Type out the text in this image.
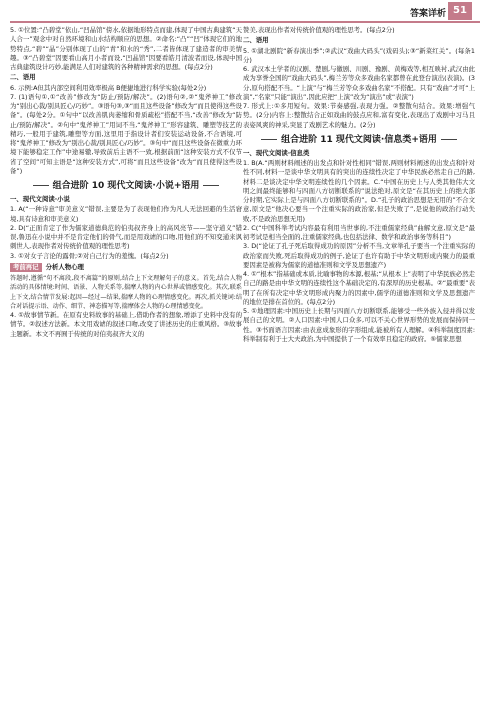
答案详析 51

5. ①位置:“凸碧堂”依山,“凹晶馆”傍水,依据地形特点而建,体现了中国古典建筑“天人合一”观念中对自然环境和山水结构顺应的思想。②命名:“凸”“凹”体现它们的地势特点,“碧”“晶”分别体现了山的“青”和水的“秀”,二者皆体现了建造者的审美情趣。③“凸碧堂”因要看山高月小者而设,“凹晶馆”因要看皓月清波者而设,体现中国古典建筑设计巧妙,能满足人们对建筑的各种精神需求的思想。(每点2分)

二、语用

6. 示例:A但其内部空间利用效率极高 B便捷地进行科学实验(每处2分)

7. (1)语句①,①“改善”修改为“防止/预防/解决”。(2)语句②,②“鬼斧神工”修改为“别出心裁/别具匠心/巧妙”。③语句③,③“而且这些设备”修改为“而且使得这些设备”。(每处2分。①句中“以改善肌肉萎缩和骨质疏松”搭配不当,“改善”修改为“防止/预防/解决”。②句中“鬼斧神工”用词不当,“鬼斧神工”形容建筑、雕塑等技艺的精巧,一般用于建筑,雕塑等方面,这里用于指设计者们安装运动设备,不合语境,可将“鬼斧神工”修改为“别出心裁/别具匠心/巧妙”。③句中“而且这些设备在微重力环境下能够稳定工作”中途易辙,导致前后主语不一致,根据前面“这种安装方式不仅节省了空间”可知主语是“这种安装方式”,可将“而且这些设备”改为“而且使得这些设备”)

组合进阶 10 现代文阅读·小说+语用

一、现代文阅读·小说

1. A(“一种诗意”审美意义”错误,主要是为了表现他们作为凡人无法回避的生活窘境,具有诗意和审美意义)

2. D(“正面肯定了作为儒家道德典范的伯夷叔齐身上的高风亮节——坚守道义”错误,鲁迅在小说中并不是肯定他们的骨气,而是用戏谑的口吻,用他们的不知变通来讽刺世人,表现作者对传统价值观的理性思考)

3. ①对女子言论的露骨;②对自己行为的羞愧。(每点2分)

考前再记	分析人物心理

答题时,遵循“句不离段,段不离篇”的原则,结合上下文理解句子的意义。首先,结合人物活动的具体情境:时间、语景、人物关系等,揣摩人物的内心世界或情感变化。其次,联系上下文,结合情节发展:起因—经过—结果,揣摩人物的心理情感变化。再次,抓关键词:结合对话提示语、动作、细节、神态描写等,揣摩体会人物的心理情感变化。

4. ①故事情节新。在原有史料故事的基础上,借助作者的想象,增添了史料中没有的情节。②叙述方法新。本文用戏谑的叙述口吻,改变了讲述历史的庄重风格。③故事主题新。本文不再囿于传统的对伯夷叔齐大义的

赞美,表现出作者对传统价值观的理性思考。(每点2分)

二、语用

5. ①湖北剧院“新春演出季”;②武汉“戏曲大码头”(戏码头);③“新菜红关”。(每条1分)

6. 武汉本土学者的汉剧、楚剧,与徽剧、川剧、豫剧、黄梅戏等,相互映衬,武汉由此成为享誉全国的“戏曲大码头”,梅兰芳等众多戏曲名家都曾在此登台演出(表演)。(3分,原句搭配不当。“上演”与“梅兰芳等众多戏曲名家”不搭配。只有“戏曲”才可“上演”,“名家”只能“演出”,因此应把“上演”改为“演出”或“表演”)

7. 形式上:①多用短句。效果:节奏感强,表现力强。②整散句结合。效果:增强气势。(2分)内容上:整散结合正如戏曲的鼓点应和,富有变化,表现出了戏剧中习马且表姿风爽的神采,突显了戏剧艺术的魅力。(2分)

组合进阶 11 现代文阅读·信息类+语用

一、现代文阅读·信息类

1. B(A.“两则材料阐述的出发点和针对性相同”错误,两则材料阐述的出发点和针对性不同,材料一是谈中华文明具有的突出的连续性决定了中华民族必然走自己的路,材料二是谈决定中华文明连续性的几个因素。C.“中国在历史上与人类其他伟大文明之间最终能够和与四面八方切断联系的”说法绝对,原文是“在其历史上的绝大部分时期,它实际上是与四面八方切断联系的”。D.“孔子的政治思想是无用的”不合文意,原文是“他决心要当一个注重实际的政治家,但是失败了”,是说他的政治行动失败,不是政治思想无用)

2. C(“中国科举考试内容最有利用当世事的,不注重儒家经典”曲解文意,原文是“最初考试是相当全面的,注重儒家经典,也包括法律、数学和政治事务等科目”)

3. D(“论证了孔子死后取得成功的原因”分析不当,文章举孔子要当一个注重实际的政治家而失败,死后取得成功的例子,论证了也许有助于中华文明形成内聚力的最重要因素是被称为儒家的道德准则和文学及思想遗产)

4. ①“根本”指基础或本质,比喻事物的本源,根基;“从根本上”表明了中华民族必然走自己的路是由中华文明的连续性这个基础决定的,有深厚的历史根基。②“最重要”表明了在所有决定中华文明形成内聚力的因素中,儒学的道德准则和文学及思想遗产的地位是排在首位的。(每点2分)

5. ①地理因素:中国历史上长期与四面八方切断联系,能够受一些外族入侵并得以发展自己的文明。②人口因素:中国人口众多,可以不关心世界形势的发展而保持同一性。③书面语言因素:由表意成象形的字形组成,能被所有人理解。④科举制度因素:科举制有利于士大夫政治,为中国提供了一个有效率且稳定的政府。⑤儒家思想
